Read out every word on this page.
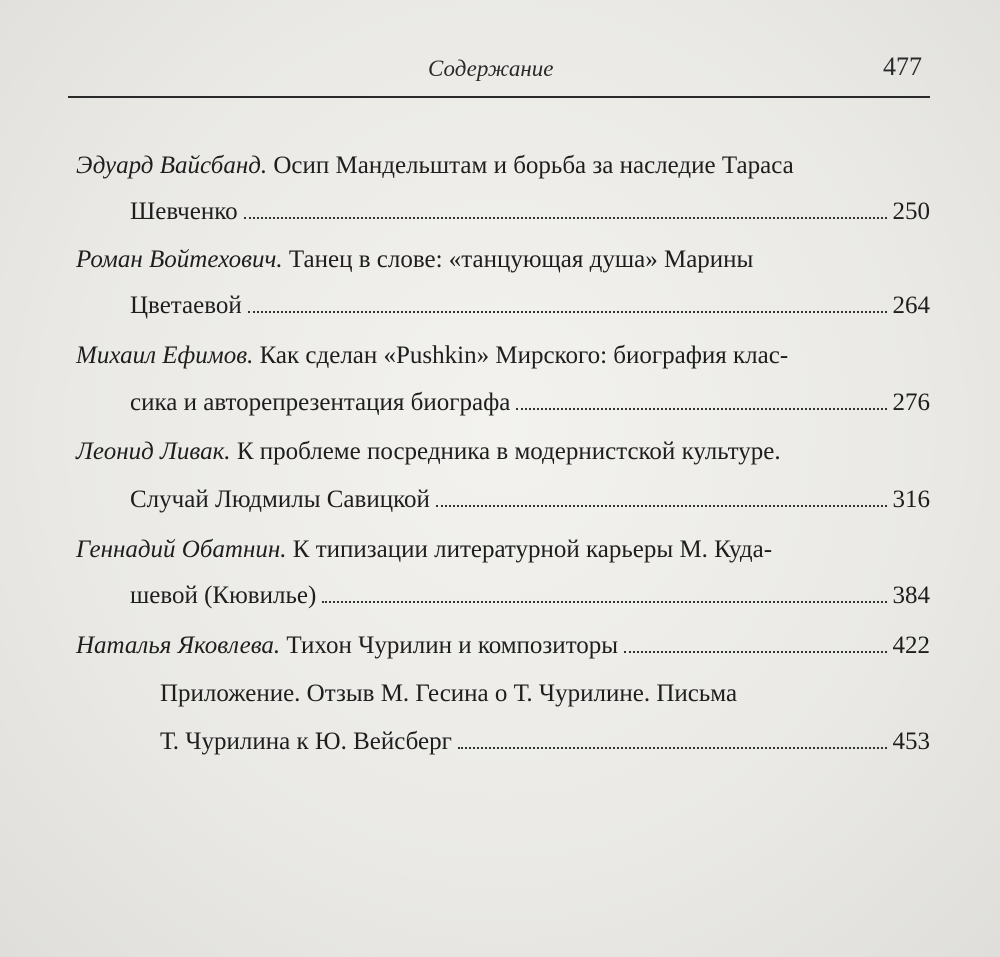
Содержание	477
Эдуард Вайсбанд. Осип Мандельштам и борьба за наследие Тараса
Шевченко	250
Роман Войтехович. Танец в слове: «танцующая душа» Марины
Цветаевой	264
Михаил Ефимов. Как сделан «Pushkin» Мирского: биография клас-
сика и авторепрезентация биографа	276
Леонид Ливак. К проблеме посредника в модернистской культуре.
Случай Людмилы Савицкой	316
Геннадий Обатнин. К типизации литературной карьеры М. Куда-
шевой (Кювилье)	384
Наталья Яковлева. Тихон Чурилин и композиторы	422
Приложение. Отзыв М. Гесина о Т. Чурилине. Письма
Т. Чурилина к Ю. Вейсберг	453
